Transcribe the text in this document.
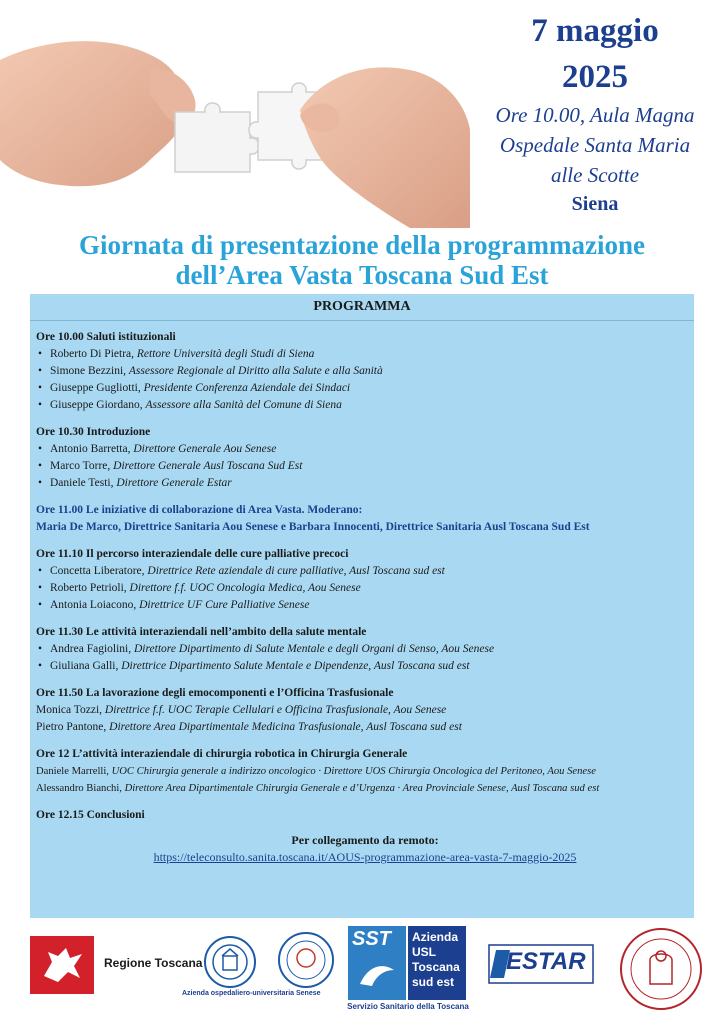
7 maggio

2025

Ore 10.00, Aula Magna

Ospedale Santa Maria

alle Scotte

Siena

Giornata di presentazione della programmazione
dell’Area Vasta Toscana Sud Est
PROGRAMMA

Ore 10.00 Saluti istituzionali

• Roberto Di Pietra, Rettore Università degli Studi di Siena
• Simone Bezzini, Assessore Regionale al Diritto alla Salute e alla Sanità
• Giuseppe Gugliotti, Presidente Conferenza Aziendale dei Sindaci
• Giuseppe Giordano, Assessore alla Sanità del Comune di Siena

Ore 10.30 Introduzione

• Antonio Barretta, Direttore Generale Aou Senese
• Marco Torre, Direttore Generale Ausl Toscana Sud Est
• Daniele Testi, Direttore Generale Estar

Ore 11.00 Le iniziative di collaborazione di Area Vasta. Moderano:

Maria De Marco, Direttrice Sanitaria Aou Senese e Barbara Innocenti, Direttrice Sanitaria Ausl Toscana Sud Est

Ore 11.10 Il percorso interaziendale delle cure palliative precoci

• Concetta Liberatore, Direttrice Rete aziendale di cure palliative, Ausl Toscana sud est
• Roberto Petrioli, Direttore f.f. UOC Oncologia Medica, Aou Senese
• Antonia Loiacono, Direttrice UF Cure Palliative Senese

Ore 11.30 Le attività interaziendali nell’ambito della salute mentale

• Andrea Fagiolini, Direttore Dipartimento di Salute Mentale e degli Organi di Senso, Aou Senese
• Giuliana Galli, Direttrice Dipartimento Salute Mentale e Dipendenze, Ausl Toscana sud est

Ore 11.50 La lavorazione degli emocomponenti e l’Officina Trasfusionale

Monica Tozzi, Direttrice f.f. UOC Terapie Cellulari e Officina Trasfusionale, Aou Senese

Pietro Pantone, Direttore Area Dipartimentale Medicina Trasfusionale, Ausl Toscana sud est

Ore 12 L’attività interaziendale di chirurgia robotica in Chirurgia Generale

Daniele Marrelli, UOC Chirurgia generale a indirizzo oncologico · Direttore UOS Chirurgia Oncologica del Peritoneo, Aou Senese

Alessandro Bianchi, Direttore Area Dipartimentale Chirurgia Generale e d’Urgenza · Area Provinciale Senese, Ausl Toscana sud est

Ore 12.15 Conclusioni

Per collegamento da remoto:

https://teleconsulto.sanita.toscana.it/AOUS-programmazione-area-vasta-7-maggio-2025
Regione Toscana
Azienda ospedaliero-universitaria Senese
SST Azienda
USL
Toscana
sud est
Servizio Sanitario della Toscana
ESTAR
